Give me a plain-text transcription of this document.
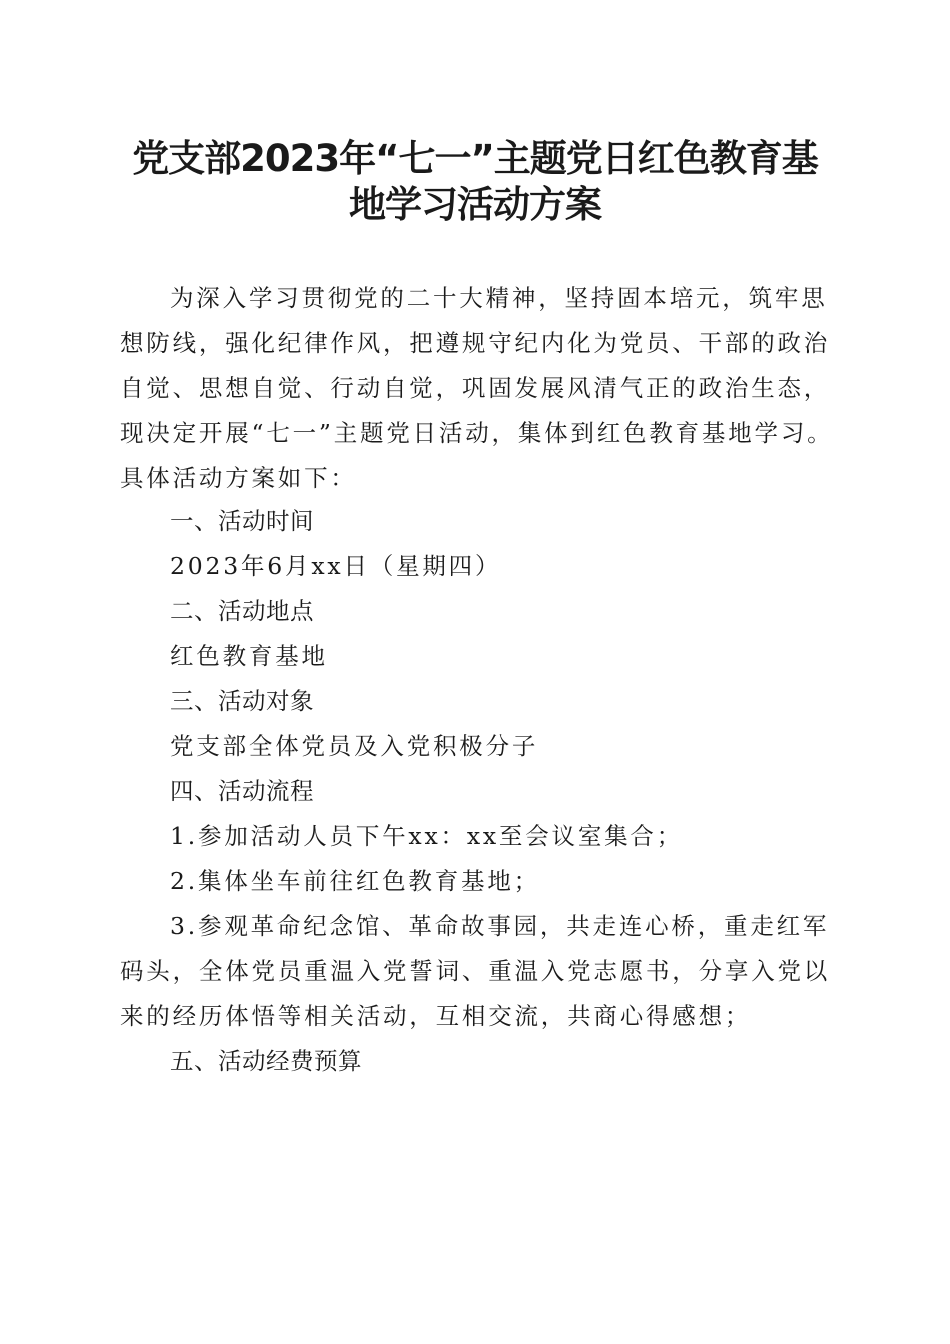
党支部2023年“七一”主题党日红色教育基
地学习活动方案
为深入学习贯彻党的二十大精神，坚持固本培元，筑牢思
想防线，强化纪律作风，把遵规守纪内化为党员、干部的政治
自觉、思想自觉、行动自觉，巩固发展风清气正的政治生态，
现决定开展“七一”主题党日活动，集体到红色教育基地学习。
具体活动方案如下：
一、活动时间
2023年6月xx日（星期四）
二、活动地点
红色教育基地
三、活动对象
党支部全体党员及入党积极分子
四、活动流程
1.参加活动人员下午xx：xx至会议室集合；
2.集体坐车前往红色教育基地；
3.参观革命纪念馆、革命故事园，共走连心桥，重走红军
码头，全体党员重温入党誓词、重温入党志愿书，分享入党以
来的经历体悟等相关活动，互相交流，共商心得感想；
五、活动经费预算
